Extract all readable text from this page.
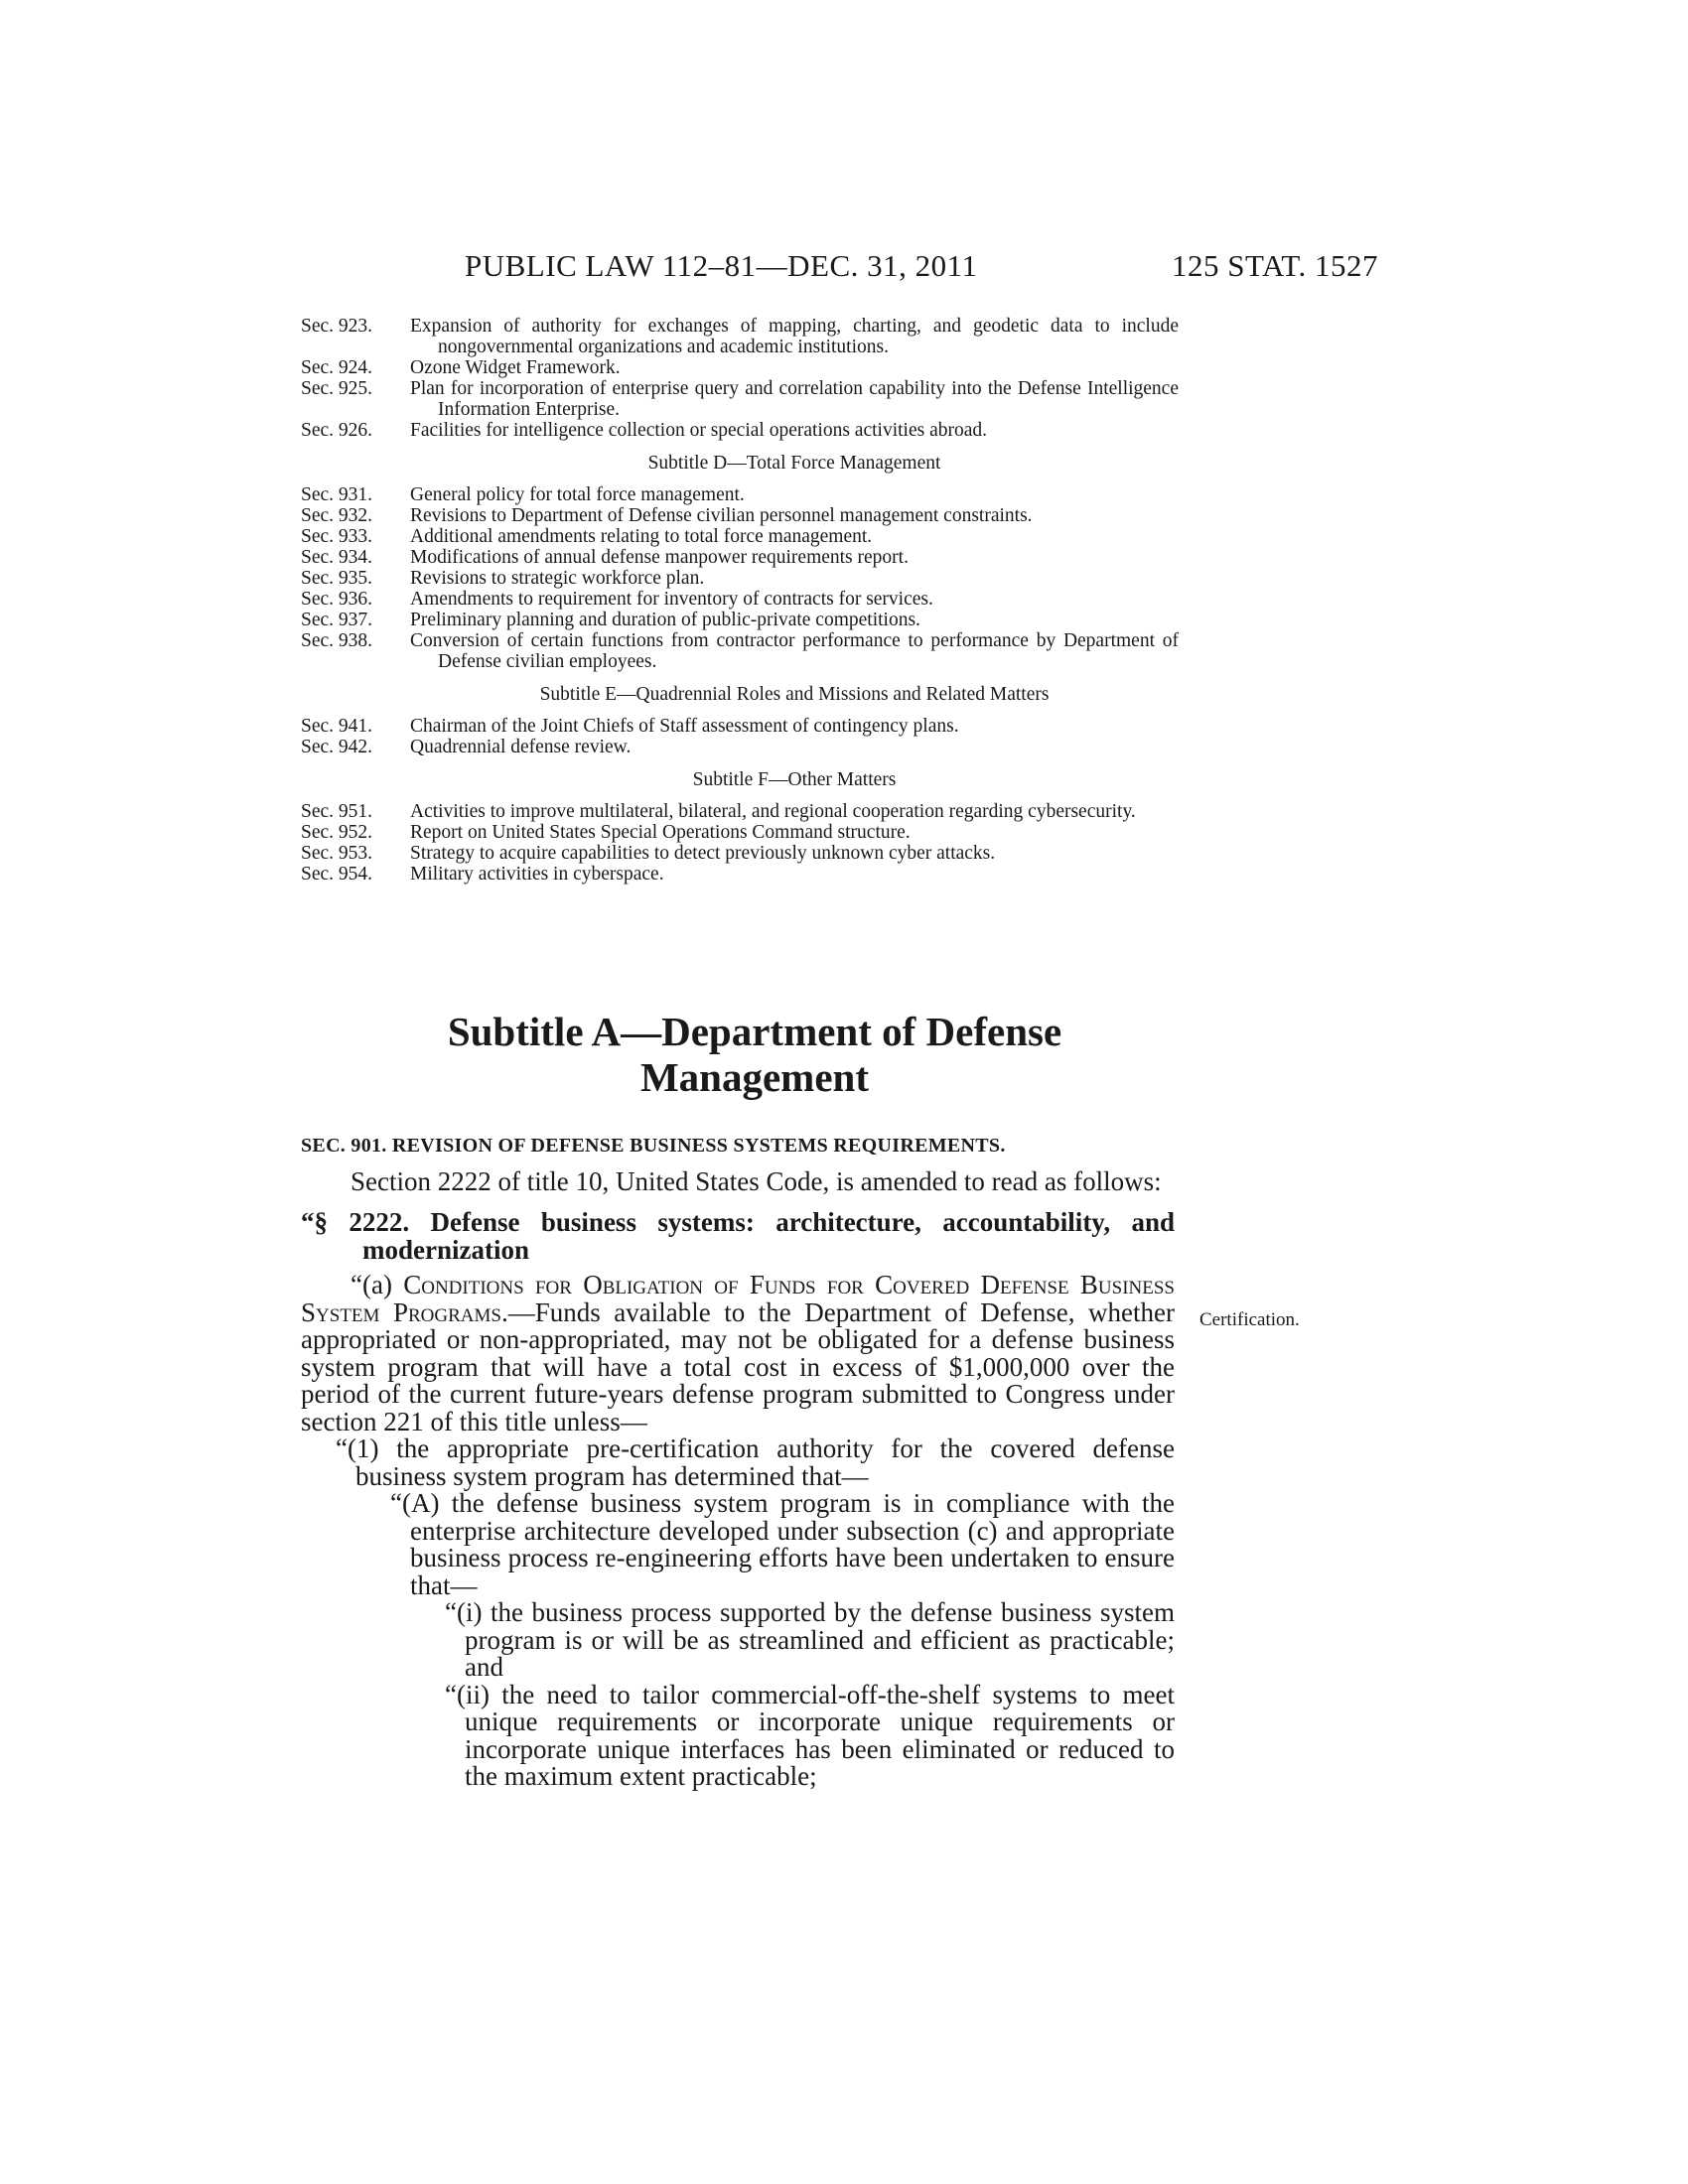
PUBLIC LAW 112–81—DEC. 31, 2011	125 STAT. 1527
Sec. 923.	Expansion of authority for exchanges of mapping, charting, and geodetic data to include nongovernmental organizations and academic institutions.
Sec. 924.	Ozone Widget Framework.
Sec. 925.	Plan for incorporation of enterprise query and correlation capability into the Defense Intelligence Information Enterprise.
Sec. 926.	Facilities for intelligence collection or special operations activities abroad.
Subtitle D—Total Force Management
Sec. 931.	General policy for total force management.
Sec. 932.	Revisions to Department of Defense civilian personnel management constraints.
Sec. 933.	Additional amendments relating to total force management.
Sec. 934.	Modifications of annual defense manpower requirements report.
Sec. 935.	Revisions to strategic workforce plan.
Sec. 936.	Amendments to requirement for inventory of contracts for services.
Sec. 937.	Preliminary planning and duration of public-private competitions.
Sec. 938.	Conversion of certain functions from contractor performance to performance by Department of Defense civilian employees.
Subtitle E—Quadrennial Roles and Missions and Related Matters
Sec. 941.	Chairman of the Joint Chiefs of Staff assessment of contingency plans.
Sec. 942.	Quadrennial defense review.
Subtitle F—Other Matters
Sec. 951.	Activities to improve multilateral, bilateral, and regional cooperation regarding cybersecurity.
Sec. 952.	Report on United States Special Operations Command structure.
Sec. 953.	Strategy to acquire capabilities to detect previously unknown cyber attacks.
Sec. 954.	Military activities in cyberspace.
Subtitle A—Department of Defense
Management
SEC. 901. REVISION OF DEFENSE BUSINESS SYSTEMS REQUIREMENTS.
Section 2222 of title 10, United States Code, is amended to read as follows:
“§ 2222. Defense business systems: architecture, accountability, and modernization
“(a) Conditions for Obligation of Funds for Covered Defense Business System Programs.—Funds available to the Department of Defense, whether appropriated or non-appropriated, may not be obligated for a defense business system program that will have a total cost in excess of $1,000,000 over the period of the current future-years defense program submitted to Congress under section 221 of this title unless—
“(1) the appropriate pre-certification authority for the covered defense business system program has determined that—
“(A) the defense business system program is in compliance with the enterprise architecture developed under subsection (c) and appropriate business process re-engineering efforts have been undertaken to ensure that—
“(i) the business process supported by the defense business system program is or will be as streamlined and efficient as practicable; and
“(ii) the need to tailor commercial-off-the-shelf systems to meet unique requirements or incorporate unique requirements or incorporate unique interfaces has been eliminated or reduced to the maximum extent practicable;
Certification.
